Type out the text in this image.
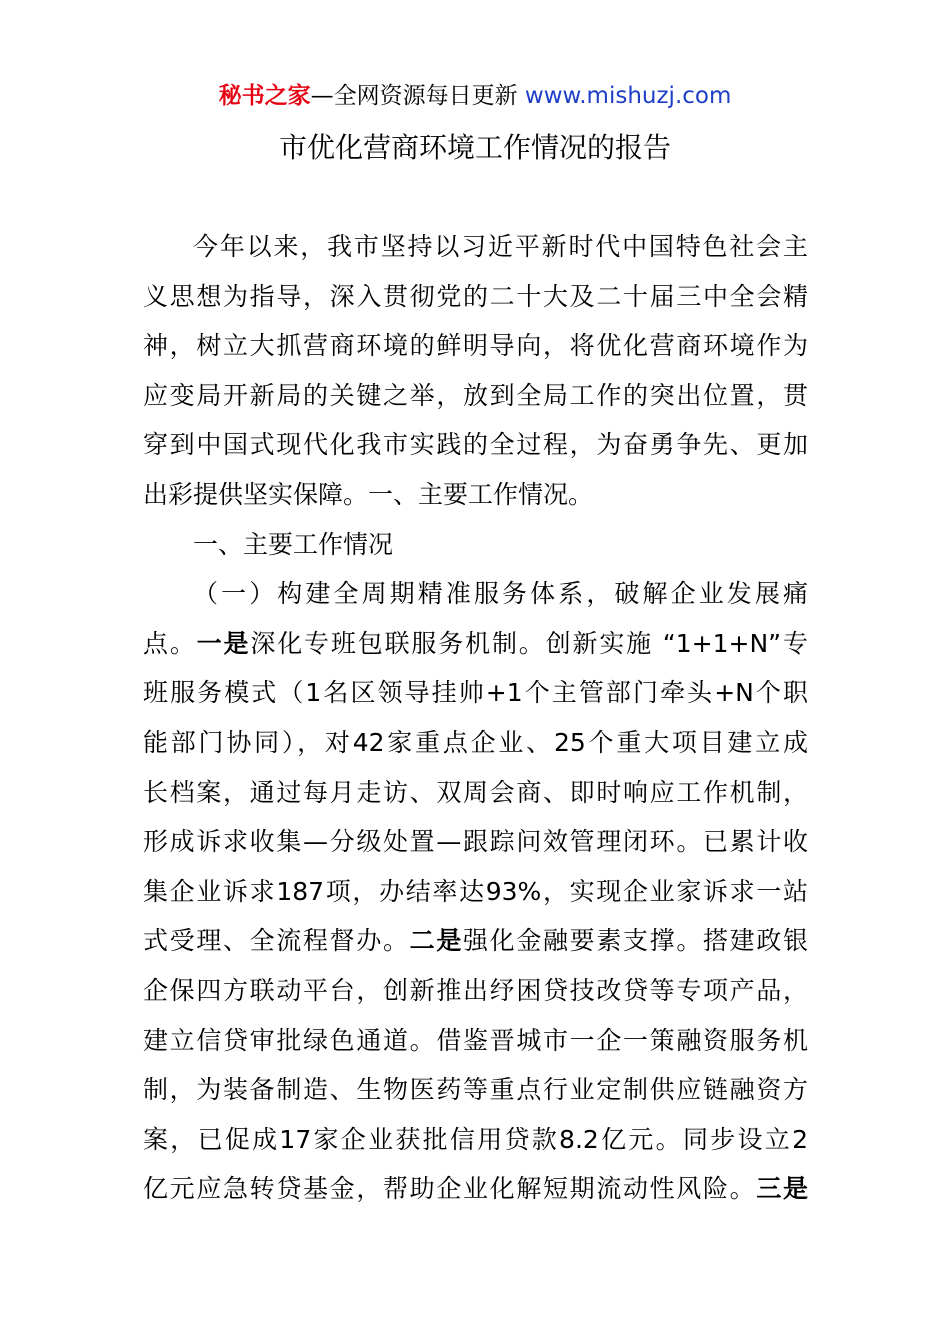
秘书之家—全网资源每日更新 www.mishuzj.com
市优化营商环境工作情况的报告
今年以来，我市坚持以习近平新时代中国特色社会主
义思想为指导，深入贯彻党的二十大及二十届三中全会精
神，树立大抓营商环境的鲜明导向，将优化营商环境作为
应变局开新局的关键之举，放到全局工作的突出位置，贯
穿到中国式现代化我市实践的全过程，为奋勇争先、更加
出彩提供坚实保障。一、主要工作情况。
一、主要工作情况
（一）构建全周期精准服务体系，破解企业发展痛
点。一是深化专班包联服务机制。创新实施 “1+1+N”专
班服务模式（1名区领导挂帅+1个主管部门牵头+N个职
能部门协同），对42家重点企业、25个重大项目建立成
长档案，通过每月走访、双周会商、即时响应工作机制，
形成诉求收集—分级处置—跟踪问效管理闭环。已累计收
集企业诉求187项，办结率达93%，实现企业家诉求一站
式受理、全流程督办。二是强化金融要素支撑。搭建政银
企保四方联动平台，创新推出纾困贷技改贷等专项产品，
建立信贷审批绿色通道。借鉴晋城市一企一策融资服务机
制，为装备制造、生物医药等重点行业定制供应链融资方
案，已促成17家企业获批信用贷款8.2亿元。同步设立2
亿元应急转贷基金，帮助企业化解短期流动性风险。三是
